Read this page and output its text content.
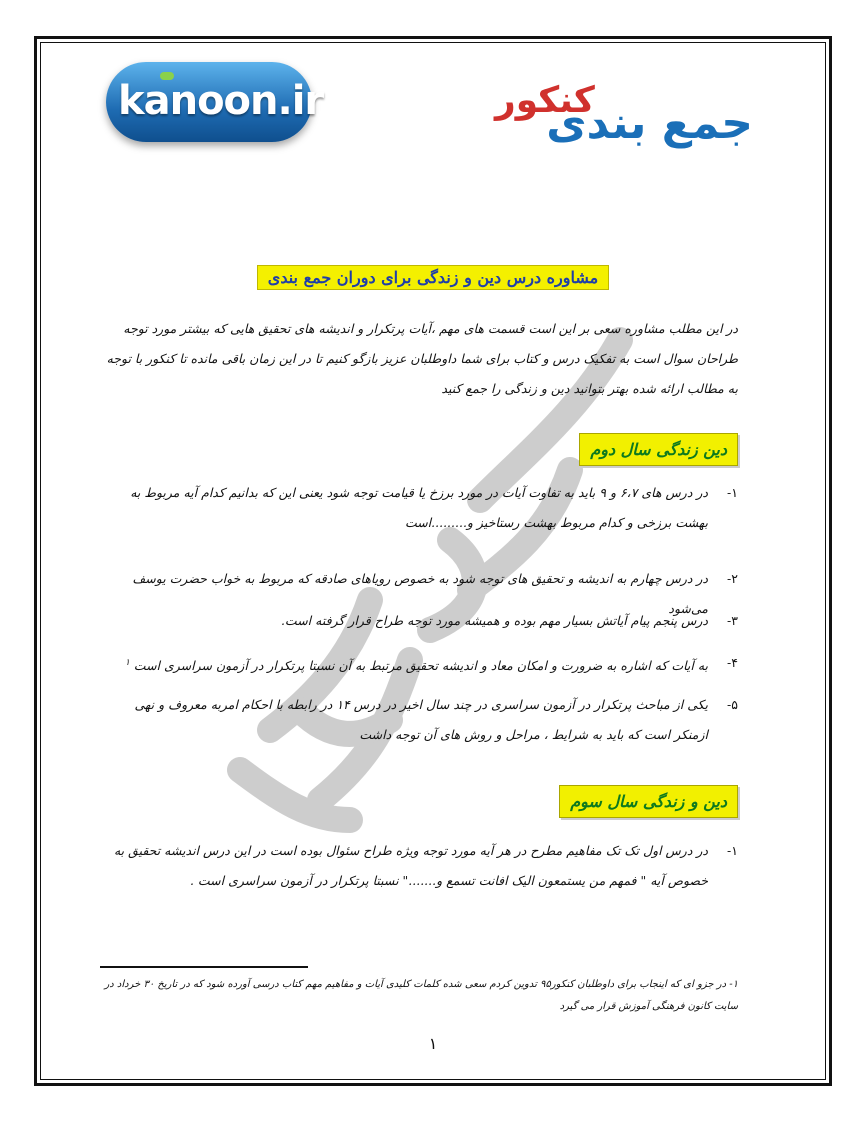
kanoon.ir	کنکور
جمع بندی
مشاوره درس دین و زندگی برای دوران جمع بندی
در این مطلب مشاوره سعی بر این است قسمت های مهم ،آیات پرتکرار و اندیشه های تحقیق هایی که بیشتر مورد توجه طراحان سوال است به تفکیک درس و کتاب برای شما داوطلبان عزیز بازگو کنیم تا در این زمان باقی مانده تا کنکور با توجه به مطالب ارائه شده بهتر بتوانید دین و زندگی را جمع کنید
دین زندگی سال دوم
۱-
در درس های ۶،۷ و ۹ باید به تفاوت آیات در مورد برزخ یا قیامت توجه شود یعنی این که بدانیم کدام آیه مربوط به بهشت برزخی و کدام مربوط بهشت رستاخیز و.........است
۲-
در درس چهارم به اندیشه و تحقیق های توجه شود به خصوص رویاهای صادقه که مربوط به خواب حضرت یوسف می‌شود
۳-
درس پنجم پیام آیاتش بسیار مهم بوده و همیشه مورد توجه طراح قرار گرفته است.
۴-
به آیات که اشاره به ضرورت و امکان معاد و اندیشه تحقیق مرتبط به آن نسبتا پرتکرار در آزمون سراسری است $^۱$
۵-
یکی از مباحث پرتکرار در آزمون سراسری در چند سال اخیر در درس ۱۴ در رابطه با احکام امربه معروف و نهی ازمنکر است که باید به شرایط ، مراحل و روش های آن توجه داشت
دین و زندگی سال سوم
۱-
در درس اول تک تک مفاهیم مطرح در هر آیه مورد توجه ویژه طراح سئوال بوده است در این درس اندیشه تحقیق به خصوص آیه " فمهم من یستمعون الیک افانت تسمع و......." نسبتا پرتکرار در آزمون سراسری است .
۱- در جزو ای که اینجاب برای داوطلبان کنکور۹۵ تدوین کردم سعی شده کلمات کلیدی آیات و مفاهیم مهم کتاب درسی آورده شود که در تاریخ ۳۰ خرداد در سایت کانون فرهنگی آموزش قرار می گیرد
۱
